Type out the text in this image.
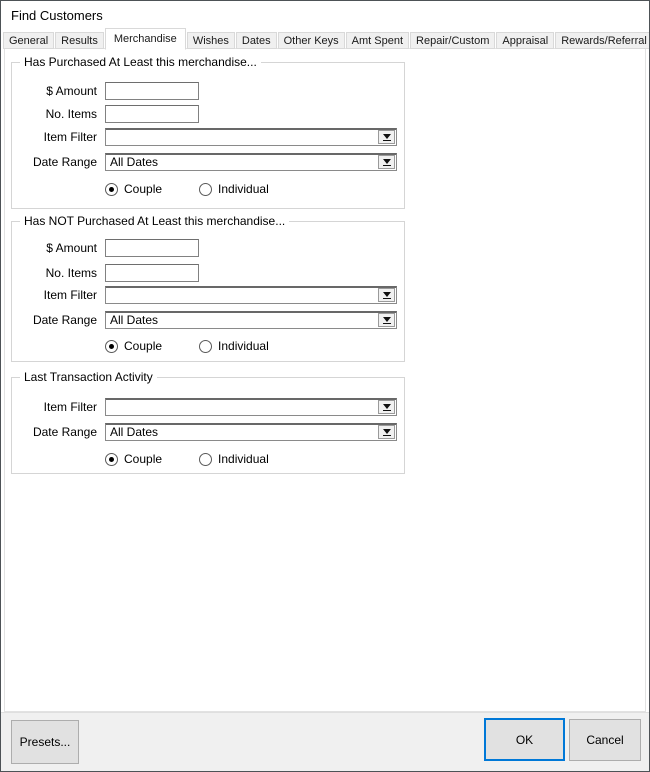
Find Customers
General	Results	Merchandise	Wishes	Dates	Other Keys	Amt Spent	Repair/Custom	Appraisal	Rewards/Referral
Has Purchased At Least this merchandise...
$ Amount
No. Items
Item Filter
Date Range All Dates
Couple	Individual
Has NOT Purchased At Least this merchandise...
$ Amount
No. Items
Item Filter
Date Range All Dates
Couple	Individual
Last Transaction Activity
Item Filter
Date Range All Dates
Couple	Individual
Presets...	OK	Cancel
